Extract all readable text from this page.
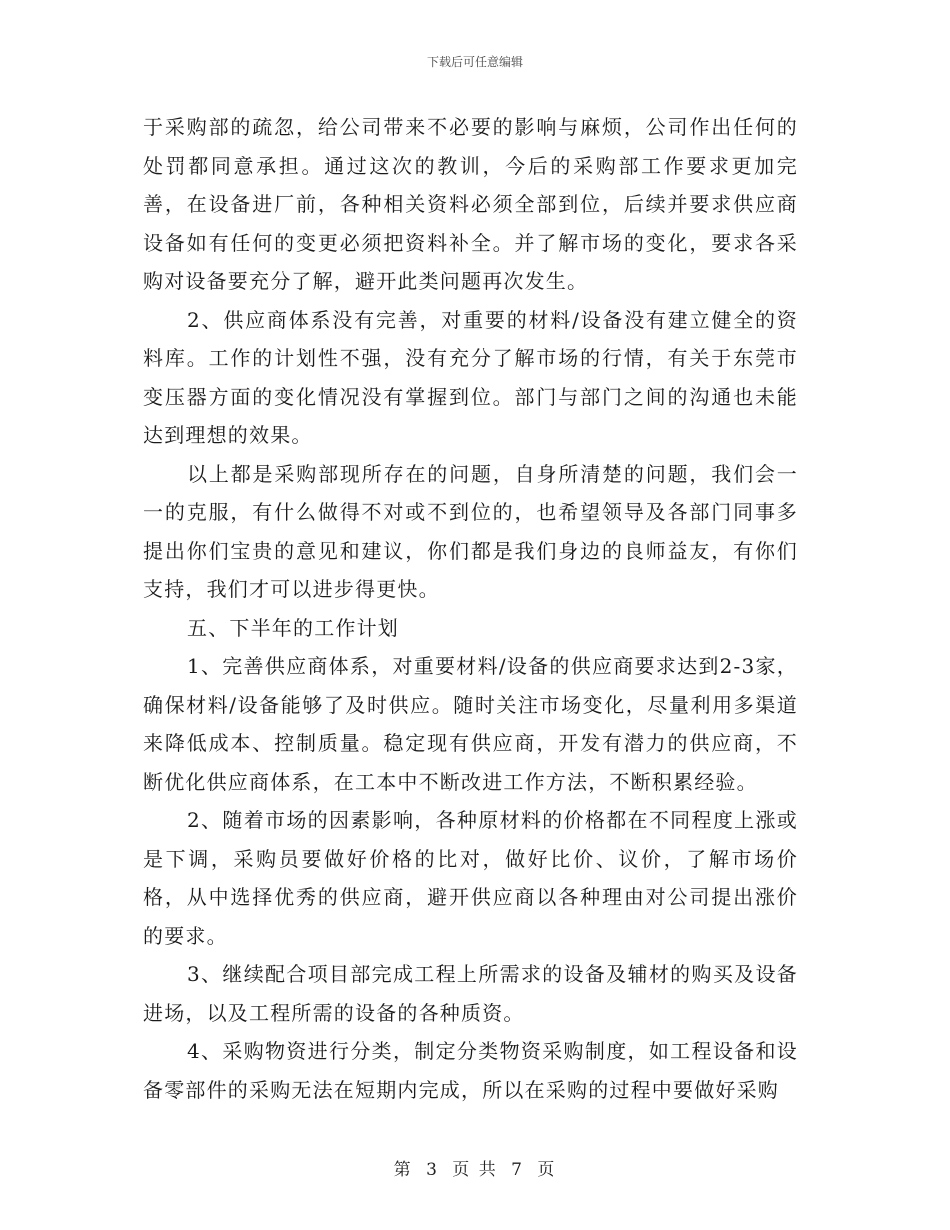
下载后可任意编辑

于采购部的疏忽，给公司带来不必要的影响与麻烦，公司作出任何的处罚都同意承担。通过这次的教训，今后的采购部工作要求更加完善，在设备进厂前，各种相关资料必须全部到位，后续并要求供应商设备如有任何的变更必须把资料补全。并了解市场的变化，要求各采购对设备要充分了解，避开此类问题再次发生。

2、供应商体系没有完善，对重要的材料/设备没有建立健全的资料库。工作的计划性不强，没有充分了解市场的行情，有关于东莞市变压器方面的变化情况没有掌握到位。部门与部门之间的沟通也未能达到理想的效果。

以上都是采购部现所存在的问题，自身所清楚的问题，我们会一一的克服，有什么做得不对或不到位的，也希望领导及各部门同事多提出你们宝贵的意见和建议，你们都是我们身边的良师益友，有你们支持，我们才可以进步得更快。

五、下半年的工作计划

1、完善供应商体系，对重要材料/设备的供应商要求达到2-3家，确保材料/设备能够了及时供应。随时关注市场变化，尽量利用多渠道来降低成本、控制质量。稳定现有供应商，开发有潜力的供应商，不断优化供应商体系，在工本中不断改进工作方法，不断积累经验。

2、随着市场的因素影响，各种原材料的价格都在不同程度上涨或是下调，采购员要做好价格的比对，做好比价、议价，了解市场价格，从中选择优秀的供应商，避开供应商以各种理由对公司提出涨价的要求。

3、继续配合项目部完成工程上所需求的设备及辅材的购买及设备进场，以及工程所需的设备的各种质资。

4、采购物资进行分类，制定分类物资采购制度，如工程设备和设备零部件的采购无法在短期内完成，所以在采购的过程中要做好采购

第 3 页 共 7 页
